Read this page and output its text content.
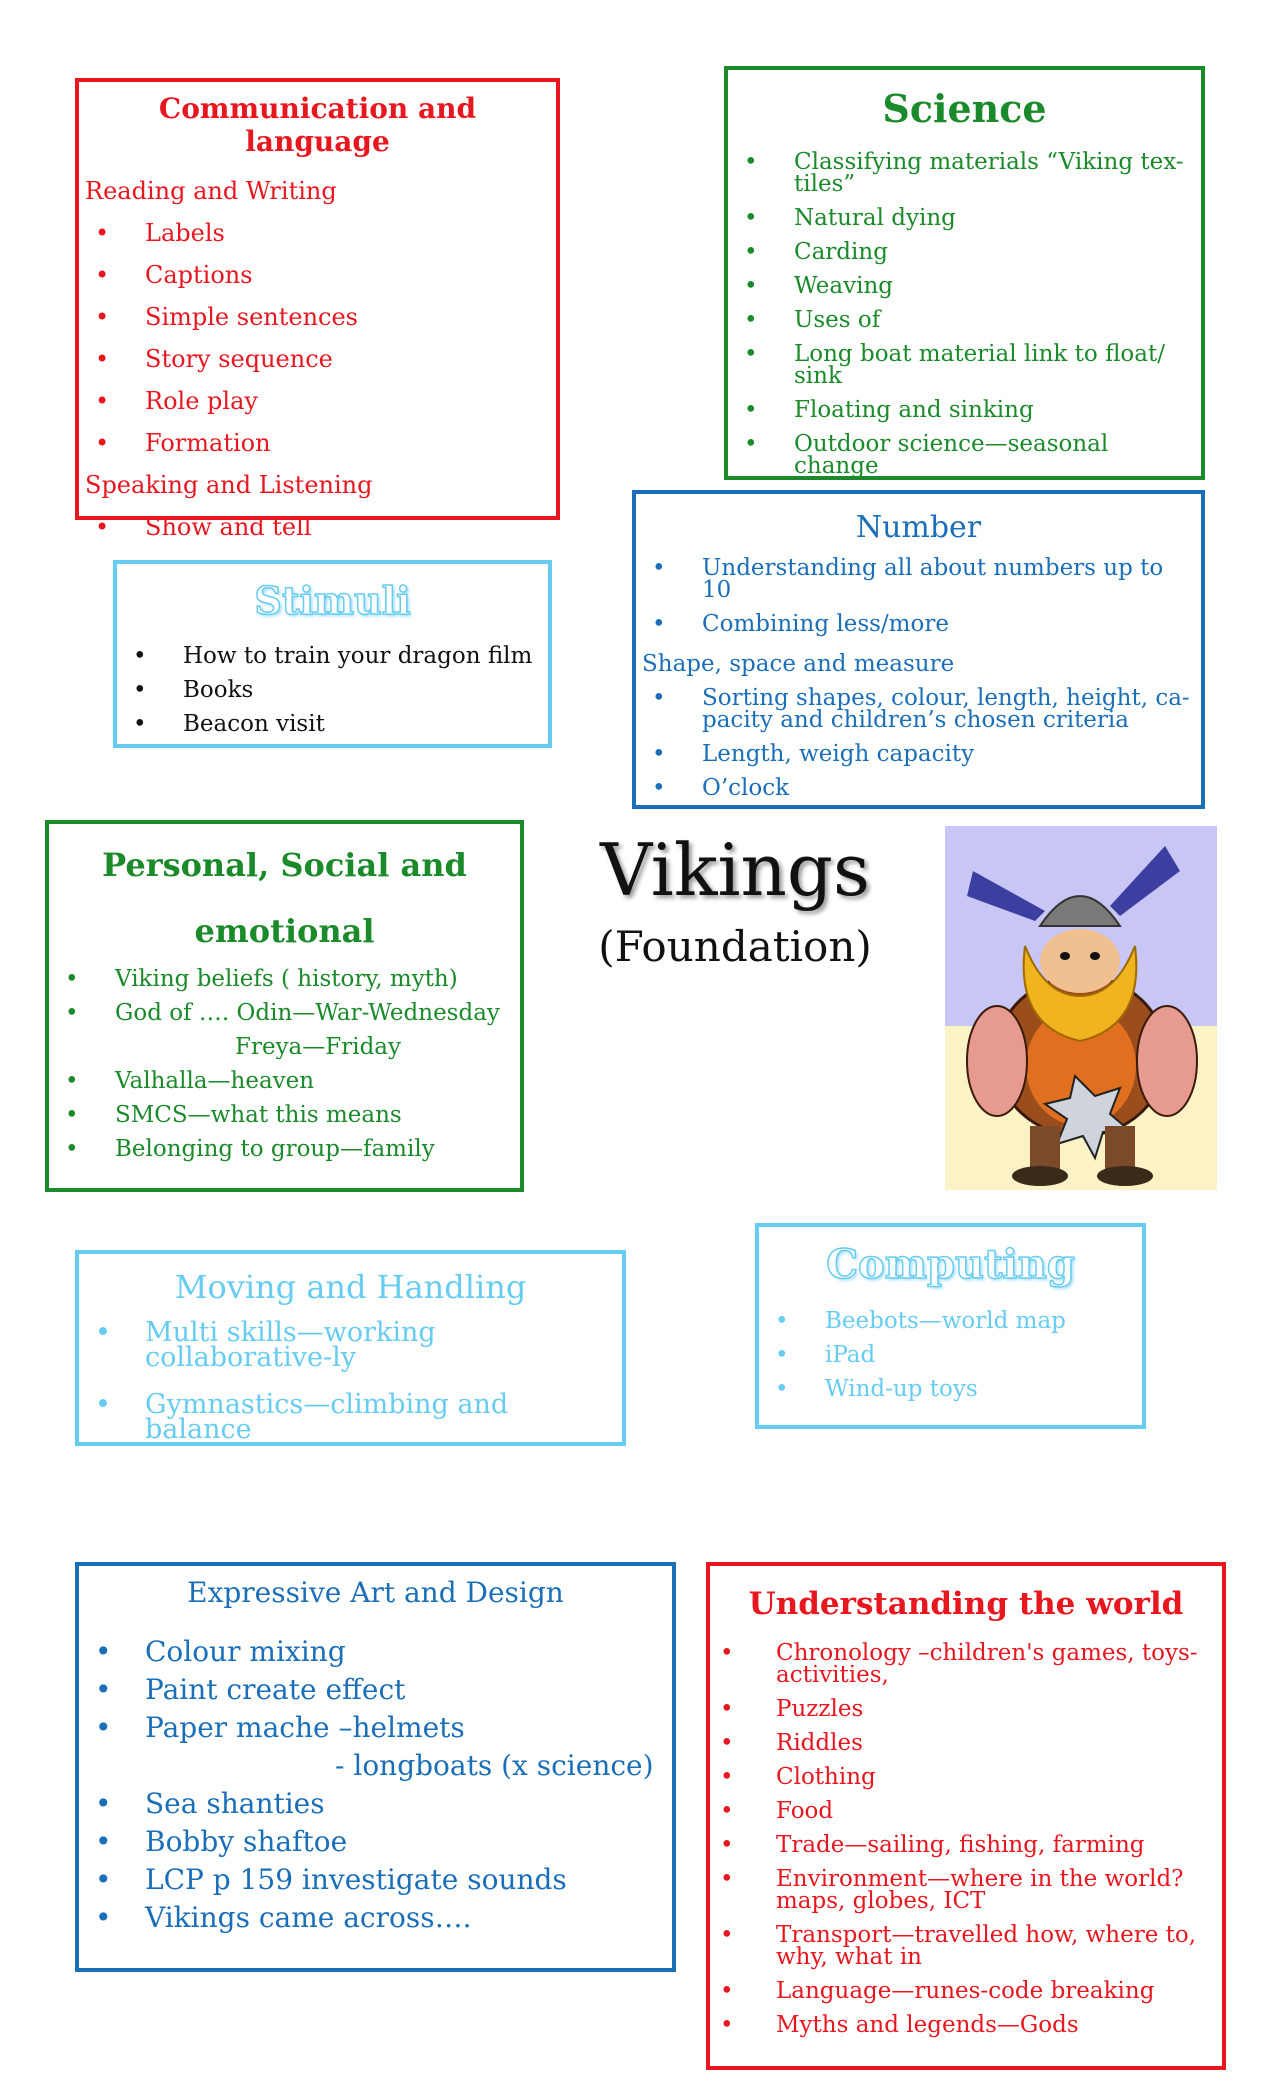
Communication and language

Reading and Writing

• Labels
• Captions
• Simple sentences
• Story sequence
• Role play
• Formation

Speaking and Listening

• Show and tell

Science

• Classifying materials “Viking tex-tiles”
• Natural dying
• Carding
• Weaving
• Uses of
• Long boat material link to float/ sink
• Floating and sinking
• Outdoor science—seasonal change

Stimuli

• How to train your dragon film
• Books
• Beacon visit

Number

• Understanding all about numbers up to 10
• Combining less/more

Shape, space and measure

• Sorting shapes, colour, length, height, ca-pacity and children’s chosen criteria
• Length, weigh capacity
• O’clock

Personal, Social and

emotional

• Viking beliefs ( history, myth)
• God of …. Odin—War-Wednesday
Freya—Friday
• Valhalla—heaven
• SMCS—what this means
• Belonging to group—family

Vikings

(Foundation)

Moving and Handling

• Multi skills—working collaborative-ly
• Gymnastics—climbing and balance

Computing

• Beebots—world map
• iPad
• Wind-up toys

Expressive Art and Design

• Colour mixing
• Paint create effect
• Paper mache –helmets
- longboats (x science)
• Sea shanties
• Bobby shaftoe
• LCP p 159 investigate sounds
• Vikings came across….

Understanding the world

• Chronology –children's games, toys-activities,
• Puzzles
• Riddles
• Clothing
• Food
• Trade—sailing, fishing, farming
• Environment—where in the world? maps, globes, ICT
• Transport—travelled how, where to, why, what in
• Language—runes-code breaking
• Myths and legends—Gods
